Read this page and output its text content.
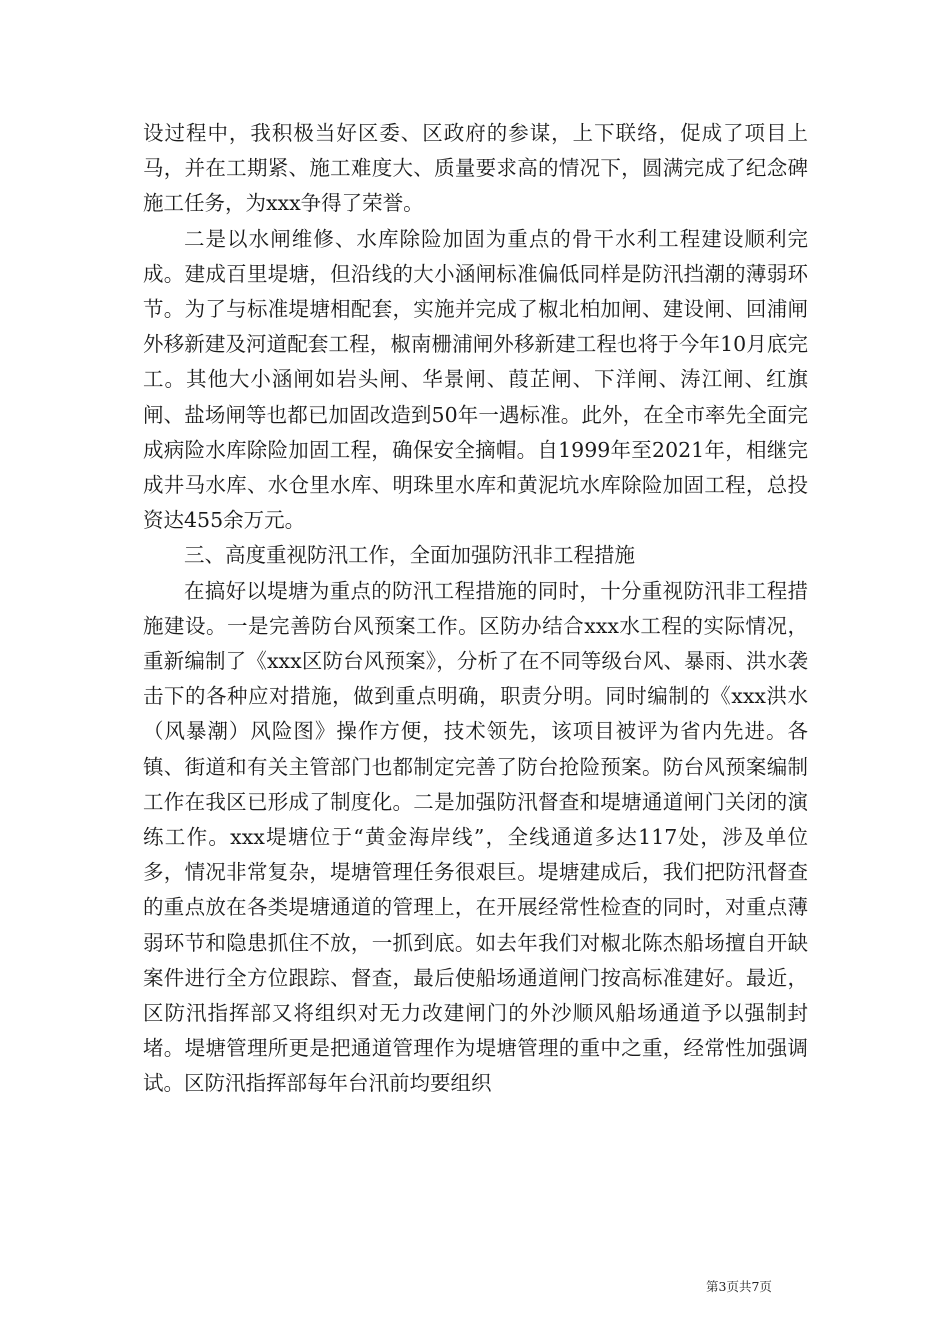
设过程中，我积极当好区委、区政府的参谋，上下联络，促成了项目上马，并在工期紧、施工难度大、质量要求高的情况下，圆满完成了纪念碑施工任务，为xxx争得了荣誉。

二是以水闸维修、水库除险加固为重点的骨干水利工程建设顺利完成。建成百里堤塘，但沿线的大小涵闸标准偏低同样是防汛挡潮的薄弱环节。为了与标准堤塘相配套，实施并完成了椒北柏加闸、建设闸、回浦闸外移新建及河道配套工程，椒南栅浦闸外移新建工程也将于今年10月底完工。其他大小涵闸如岩头闸、华景闸、葭芷闸、下洋闸、涛江闸、红旗闸、盐场闸等也都已加固改造到50年一遇标准。此外，在全市率先全面完成病险水库除险加固工程，确保安全摘帽。自1999年至2021年，相继完成井马水库、水仓里水库、明珠里水库和黄泥坑水库除险加固工程，总投资达455余万元。

三、高度重视防汛工作，全面加强防汛非工程措施

在搞好以堤塘为重点的防汛工程措施的同时，十分重视防汛非工程措施建设。一是完善防台风预案工作。区防办结合xxx水工程的实际情况，重新编制了《xxx区防台风预案》，分析了在不同等级台风、暴雨、洪水袭击下的各种应对措施，做到重点明确，职责分明。同时编制的《xxx洪水（风暴潮）风险图》操作方便，技术领先，该项目被评为省内先进。各镇、街道和有关主管部门也都制定完善了防台抢险预案。防台风预案编制工作在我区已形成了制度化。二是加强防汛督查和堤塘通道闸门关闭的演练工作。xxx堤塘位于“黄金海岸线”，全线通道多达117处，涉及单位多，情况非常复杂，堤塘管理任务很艰巨。堤塘建成后，我们把防汛督查的重点放在各类堤塘通道的管理上，在开展经常性检查的同时，对重点薄弱环节和隐患抓住不放，一抓到底。如去年我们对椒北陈杰船场擅自开缺案件进行全方位跟踪、督查，最后使船场通道闸门按高标准建好。最近，区防汛指挥部又将组织对无力改建闸门的外沙顺风船场通道予以强制封堵。堤塘管理所更是把通道管理作为堤塘管理的重中之重，经常性加强调试。区防汛指挥部每年台汛前均要组织

第3页共7页
